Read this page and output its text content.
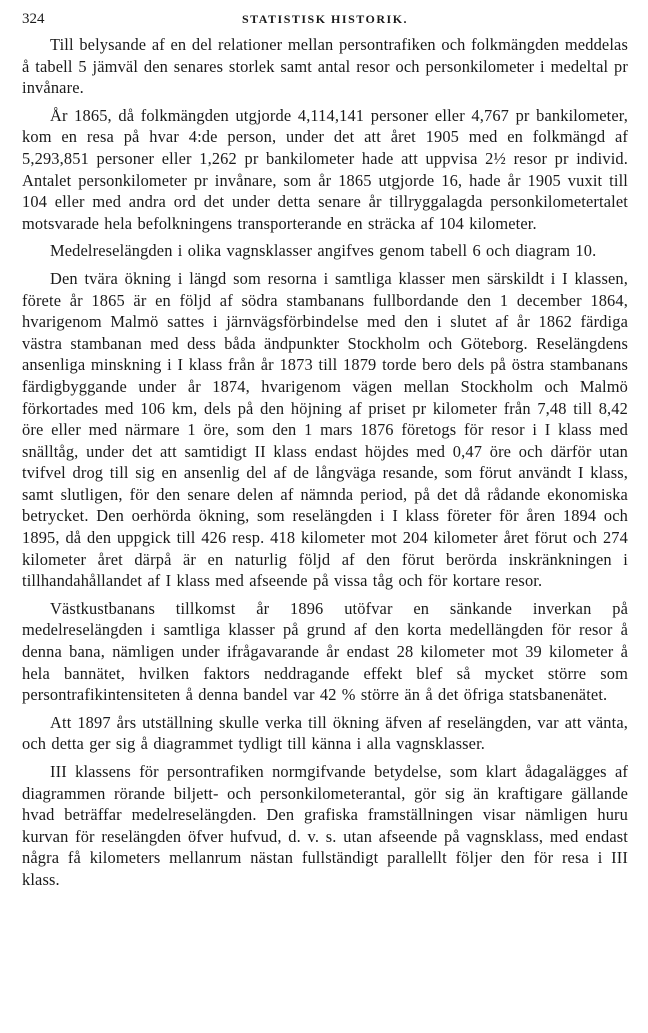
324	STATISTISK HISTORIK.

Till belysande af en del relationer mellan persontrafiken och folkmängden meddelas å tabell 5 jämväl den senares storlek samt antal resor och personkilometer i medeltal pr invånare.

År 1865, då folkmängden utgjorde 4,114,141 personer eller 4,767 pr bankilometer, kom en resa på hvar 4:de person, under det att året 1905 med en folkmängd af 5,293,851 personer eller 1,262 pr bankilometer hade att uppvisa 2½ resor pr individ. Antalet personkilometer pr invånare, som år 1865 utgjorde 16, hade år 1905 vuxit till 104 eller med andra ord det under detta senare år tillryggalagda personkilometertalet motsvarade hela befolkningens transporterande en sträcka af 104 kilometer.

Medelreselängden i olika vagnsklasser angifves genom tabell 6 och diagram 10.

Den tvära ökning i längd som resorna i samtliga klasser men särskildt i I klassen, förete år 1865 är en följd af södra stambanans fullbordande den 1 december 1864, hvarigenom Malmö sattes i järnvägsförbindelse med den i slutet af år 1862 färdiga västra stambanan med dess båda ändpunkter Stockholm och Göteborg. Reselängdens ansenliga minskning i I klass från år 1873 till 1879 torde bero dels på östra stambanans färdigbyggande under år 1874, hvarigenom vägen mellan Stockholm och Malmö förkortades med 106 km, dels på den höjning af priset pr kilometer från 7,48 till 8,42 öre eller med närmare 1 öre, som den 1 mars 1876 företogs för resor i I klass med snälltåg, under det att samtidigt II klass endast höjdes med 0,47 öre och därför utan tvifvel drog till sig en ansenlig del af de långväga resande, som förut användt I klass, samt slutligen, för den senare delen af nämnda period, på det då rådande ekonomiska betrycket. Den oerhörda ökning, som reselängden i I klass företer för åren 1894 och 1895, då den uppgick till 426 resp. 418 kilometer mot 204 kilometer året förut och 274 kilometer året därpå är en naturlig följd af den förut berörda inskränkningen i tillhandahållandet af I klass med afseende på vissa tåg och för kortare resor.

Västkustbanans tillkomst år 1896 utöfvar en sänkande inverkan på medelreselängden i samtliga klasser på grund af den korta medellängden för resor å denna bana, nämligen under ifrågavarande år endast 28 kilometer mot 39 kilometer å hela bannätet, hvilken faktors neddragande effekt blef så mycket större som persontrafikintensiteten å denna bandel var 42 % större än å det öfriga statsbanenätet.

Att 1897 års utställning skulle verka till ökning äfven af reselängden, var att vänta, och detta ger sig å diagrammet tydligt till känna i alla vagnsklasser.

III klassens för persontrafiken normgifvande betydelse, som klart ådagalägges af diagrammen rörande biljett- och personkilometerantal, gör sig än kraftigare gällande hvad beträffar medelreselängden. Den grafiska framställningen visar nämligen huru kurvan för reselängden öfver hufvud, d. v. s. utan afseende på vagnsklass, med endast några få kilometers mellanrum nästan fullständigt parallellt följer den för resa i III klass.
